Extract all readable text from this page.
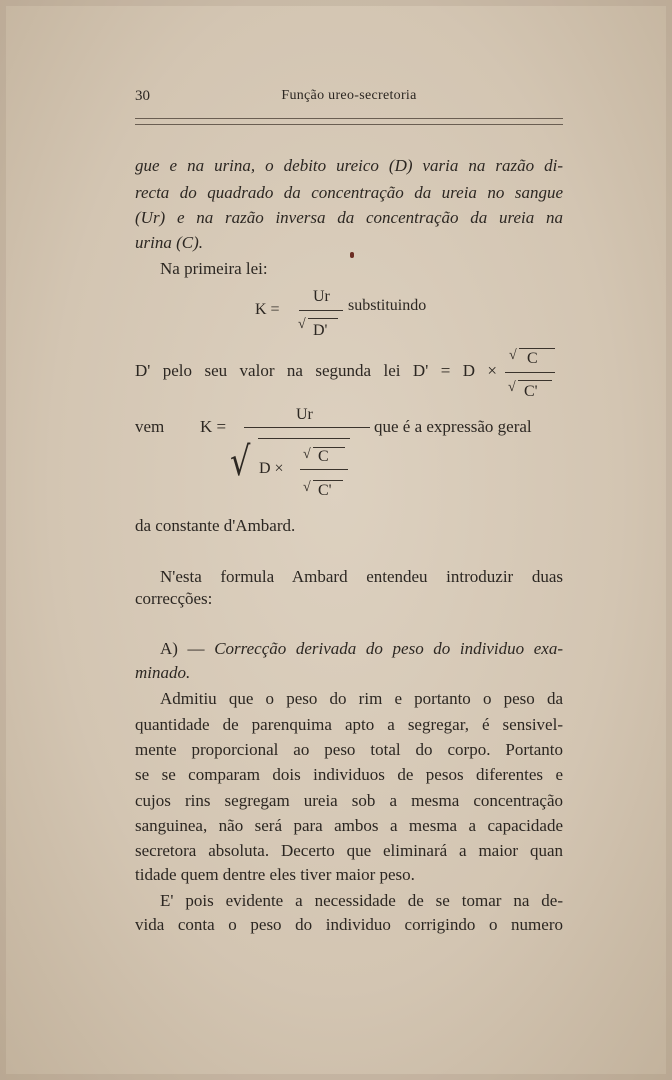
30	Função ureo-secretoria
gue e na urina, o debito ureico (D) varia na razão di-
recta do quadrado da concentração da ureia no sangue
(Ur) e na razão inversa da concentração da ureia na
urina (C).
Na primeira lei:
K =
Ur
√ D'
substituindo
D' pelo seu valor na segunda lei D' = D ×
√ C
√ C'
vem K =
Ur
√ D ×
√ C
√ C'
que é a expressão geral
da constante d'Ambard.
N'esta formula Ambard entendeu introduzir duas
correcções:
A) — Correcção derivada do peso do individuo exa-
minado.
Admitiu que o peso do rim e portanto o peso da
quantidade de parenquima apto a segregar, é sensivel-
mente proporcional ao peso total do corpo. Portanto
se se comparam dois individuos de pesos diferentes e
cujos rins segregam ureia sob a mesma concentração
sanguinea, não será para ambos a mesma a capacidade
secretora absoluta. Decerto que eliminará a maior quan
tidade quem dentre eles tiver maior peso.
E' pois evidente a necessidade de se tomar na de-
vida conta o peso do individuo corrigindo o numero
